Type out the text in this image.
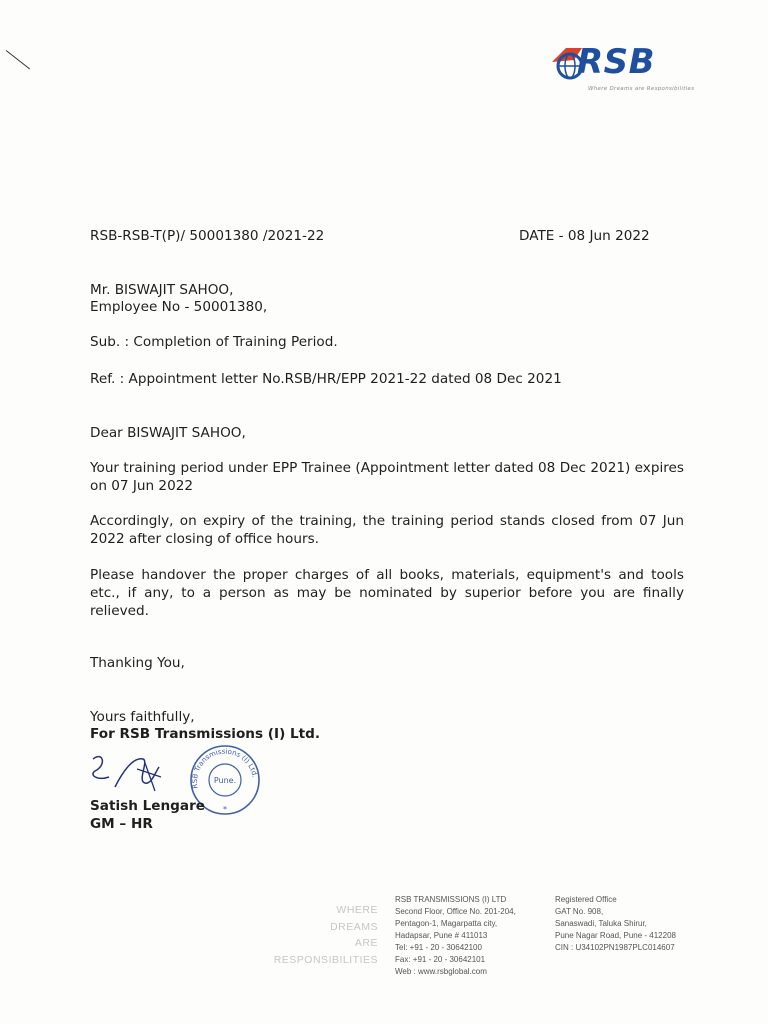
RSB
Where Dreams are Responsibilities
RSB-RSB-T(P)/ 50001380 /2021-22	DATE - 08 Jun 2022
Mr. BISWAJIT SAHOO,
Employee No - 50001380,
Sub. : Completion of Training Period.
Ref. : Appointment letter No.RSB/HR/EPP 2021-22 dated 08 Dec 2021
Dear BISWAJIT SAHOO,
Your training period under EPP Trainee (Appointment letter dated 08 Dec 2021) expires on 07 Jun 2022
Accordingly, on expiry of the training, the training period stands closed from 07 Jun 2022 after closing of office hours.
Please handover the proper charges of all books, materials, equipment's and tools etc., if any, to a person as may be nominated by superior before you are finally relieved.
Thanking You,
Yours faithfully,
For RSB Transmissions (I) Ltd.
Pune.
RSB Transmissions (I) Ltd.
*
Satish Lengare
GM – HR
WHERE
DREAMS
ARE
RESPONSIBILITIES
RSB TRANSMISSIONS (I) LTD
Second Floor, Office No. 201-204,
Pentagon-1, Magarpatta city,
Hadapsar, Pune # 411013
Tel: +91 - 20 - 30642100
Fax: +91 - 20 - 30642101
Web : www.rsbglobal.com
Registered Office
GAT No. 908,
Sanaswadi, Taluka Shirur,
Pune Nagar Road, Pune - 412208
CIN : U34102PN1987PLC014607
